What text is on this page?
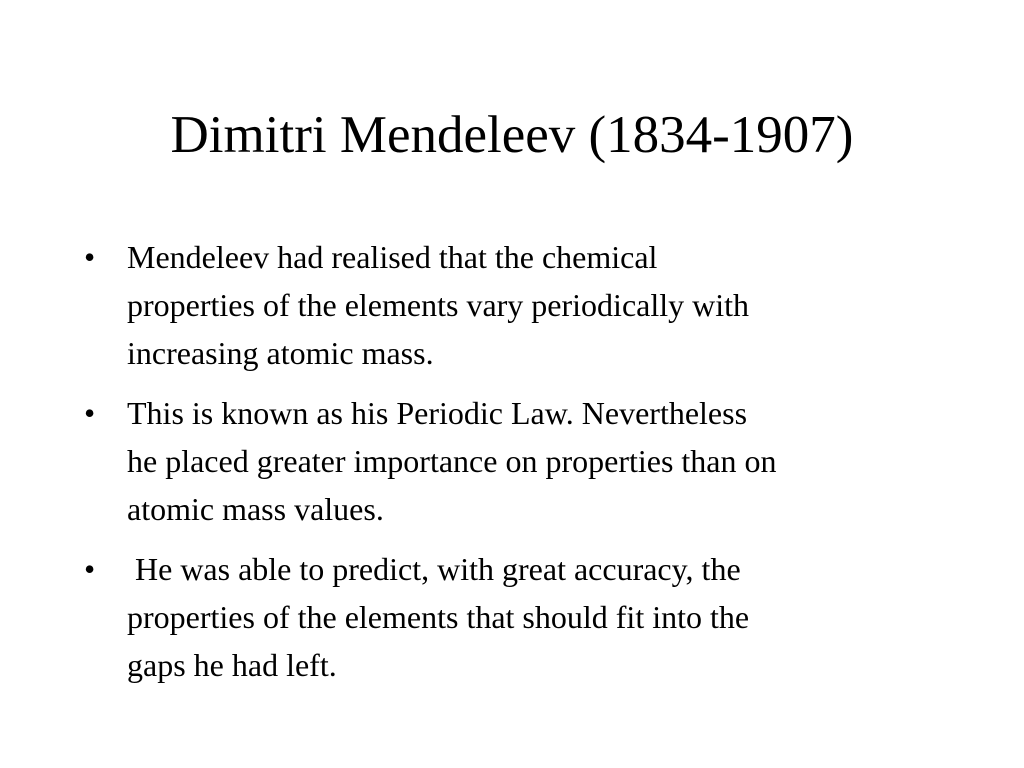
Dimitri Mendeleev (1834-1907)
• Mendeleev had realised that the chemical
properties of the elements vary periodically with
increasing atomic mass.
• This is known as his Periodic Law. Nevertheless
he placed greater importance on properties than on
atomic mass values.
• He was able to predict, with great accuracy, the
properties of the elements that should fit into the
gaps he had left.
